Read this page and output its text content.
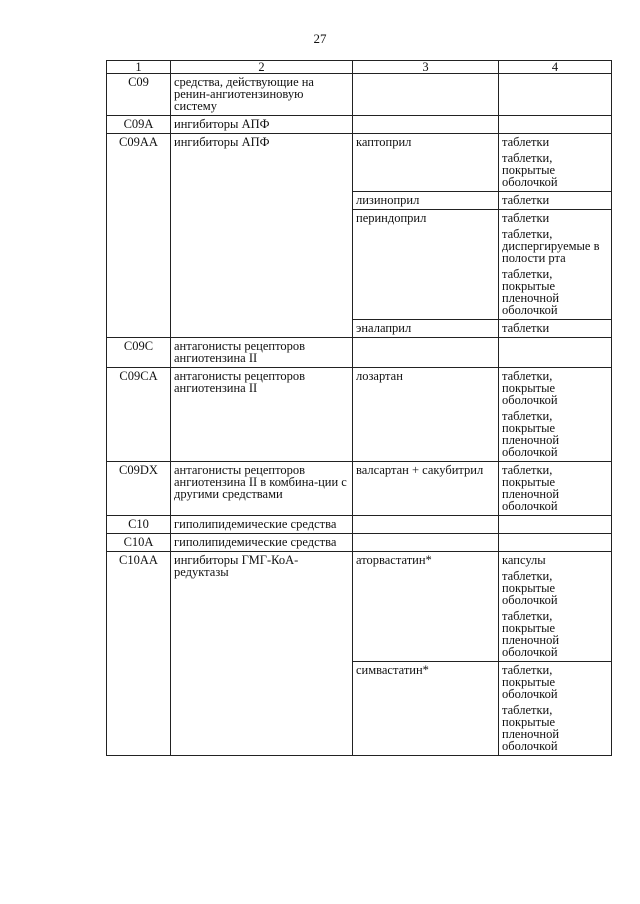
27
1	2	3	4
C09	средства, действующие на ренин-ангиотензиновую систему		
C09A	ингибиторы АПФ		
C09AA	ингибиторы АПФ	каптоприл	таблетки
таблетки, покрытые оболочкой

		лизиноприл	таблетки

		периндоприл	таблетки
таблетки, диспергируемые в полости рта
таблетки, покрытые пленочной оболочкой

		эналаприл	таблетки

C09C	антагонисты рецепторов ангиотензина II		
C09CA	антагонисты рецепторов ангиотензина II	лозартан	таблетки, покрытые оболочкой
таблетки, покрытые пленочной оболочкой

C09DX	антагонисты рецепторов ангиотензина II в комбина-ции с другими средствами	валсартан + сакубитрил	таблетки, покрытые пленочной оболочкой

C10	гиполипидемические средства		
C10A	гиполипидемические средства		
C10AA	ингибиторы ГМГ-КоА-редуктазы	аторвастатин*	капсулы
таблетки, покрытые оболочкой
таблетки, покрытые пленочной оболочкой

		симвастатин*	таблетки, покрытые оболочкой
таблетки, покрытые пленочной оболочкой
